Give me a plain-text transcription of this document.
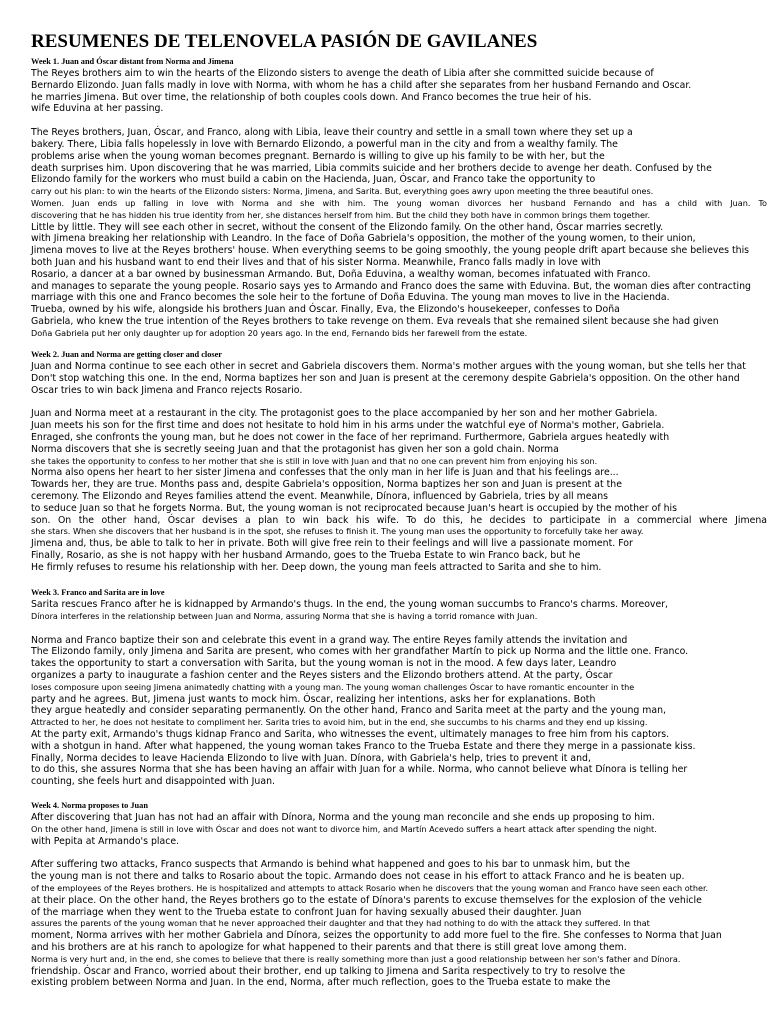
RESUMENES DE TELENOVELA PASIÓN DE GAVILANES
Week 1. Juan and Óscar distant from Norma and Jimena
The Reyes brothers aim to win the hearts of the Elizondo sisters to avenge the death of Libia after she committed suicide because of
Bernardo Elizondo. Juan falls madly in love with Norma, with whom he has a child after she separates from her husband Fernando and Oscar.
he marries Jimena. But over time, the relationship of both couples cools down. And Franco becomes the true heir of his.
wife Eduvina at her passing.
The Reyes brothers, Juan, Óscar, and Franco, along with Libia, leave their country and settle in a small town where they set up a
bakery. There, Libia falls hopelessly in love with Bernardo Elizondo, a powerful man in the city and from a wealthy family. The
problems arise when the young woman becomes pregnant. Bernardo is willing to give up his family to be with her, but the
death surprises him. Upon discovering that he was married, Libia commits suicide and her brothers decide to avenge her death. Confused by the
Elizondo family for the workers who must build a cabin on the Hacienda, Juan, Óscar, and Franco take the opportunity to
carry out his plan: to win the hearts of the Elizondo sisters: Norma, Jimena, and Sarita. But, everything goes awry upon meeting the three beautiful ones.
Women. Juan ends up falling in love with Norma and she with him. The young woman divorces her husband Fernando and has a child with Juan. To
discovering that he has hidden his true identity from her, she distances herself from him. But the child they both have in common brings them together.
Little by little. They will see each other in secret, without the consent of the Elizondo family. On the other hand, Óscar marries secretly.
with Jimena breaking her relationship with Leandro. In the face of Doña Gabriela's opposition, the mother of the young women, to their union,
Jimena moves to live at the Reyes brothers' house. When everything seems to be going smoothly, the young people drift apart because she believes this
both Juan and his husband want to end their lives and that of his sister Norma. Meanwhile, Franco falls madly in love with
Rosario, a dancer at a bar owned by businessman Armando. But, Doña Eduvina, a wealthy woman, becomes infatuated with Franco.
and manages to separate the young people. Rosario says yes to Armando and Franco does the same with Eduvina. But, the woman dies after contracting
marriage with this one and Franco becomes the sole heir to the fortune of Doña Eduvina. The young man moves to live in the Hacienda.
Trueba, owned by his wife, alongside his brothers Juan and Óscar. Finally, Eva, the Elizondo's housekeeper, confesses to Doña
Gabriela, who knew the true intention of the Reyes brothers to take revenge on them. Eva reveals that she remained silent because she had given
Doña Gabriela put her only daughter up for adoption 20 years ago. In the end, Fernando bids her farewell from the estate.
Week 2. Juan and Norma are getting closer and closer
Juan and Norma continue to see each other in secret and Gabriela discovers them. Norma's mother argues with the young woman, but she tells her that
Don't stop watching this one. In the end, Norma baptizes her son and Juan is present at the ceremony despite Gabriela's opposition. On the other hand
Oscar tries to win back Jimena and Franco rejects Rosario.
Juan and Norma meet at a restaurant in the city. The protagonist goes to the place accompanied by her son and her mother Gabriela.
Juan meets his son for the first time and does not hesitate to hold him in his arms under the watchful eye of Norma's mother, Gabriela.
Enraged, she confronts the young man, but he does not cower in the face of her reprimand. Furthermore, Gabriela argues heatedly with
Norma discovers that she is secretly seeing Juan and that the protagonist has given her son a gold chain. Norma
she takes the opportunity to confess to her mother that she is still in love with Juan and that no one can prevent him from enjoying his son.
Norma also opens her heart to her sister Jimena and confesses that the only man in her life is Juan and that his feelings are...
Towards her, they are true. Months pass and, despite Gabriela's opposition, Norma baptizes her son and Juan is present at the
ceremony. The Elizondo and Reyes families attend the event. Meanwhile, Dínora, influenced by Gabriela, tries by all means
to seduce Juan so that he forgets Norma. But, the young woman is not reciprocated because Juan's heart is occupied by the mother of his
son. On the other hand, Óscar devises a plan to win back his wife. To do this, he decides to participate in a commercial where Jimena
she stars. When she discovers that her husband is in the spot, she refuses to finish it. The young man uses the opportunity to forcefully take her away.
Jimena and, thus, be able to talk to her in private. Both will give free rein to their feelings and will live a passionate moment. For
Finally, Rosario, as she is not happy with her husband Armando, goes to the Trueba Estate to win Franco back, but he
He firmly refuses to resume his relationship with her. Deep down, the young man feels attracted to Sarita and she to him.
Week 3. Franco and Sarita are in love
Sarita rescues Franco after he is kidnapped by Armando's thugs. In the end, the young woman succumbs to Franco's charms. Moreover,
Dínora interferes in the relationship between Juan and Norma, assuring Norma that she is having a torrid romance with Juan.
Norma and Franco baptize their son and celebrate this event in a grand way. The entire Reyes family attends the invitation and
The Elizondo family, only Jimena and Sarita are present, who comes with her grandfather Martín to pick up Norma and the little one. Franco.
takes the opportunity to start a conversation with Sarita, but the young woman is not in the mood. A few days later, Leandro
organizes a party to inaugurate a fashion center and the Reyes sisters and the Elizondo brothers attend. At the party, Óscar
loses composure upon seeing Jimena animatedly chatting with a young man. The young woman challenges Óscar to have romantic encounter in the
party and he agrees. But, Jimena just wants to mock him. Óscar, realizing her intentions, asks her for explanations. Both
they argue heatedly and consider separating permanently. On the other hand, Franco and Sarita meet at the party and the young man,
Attracted to her, he does not hesitate to compliment her. Sarita tries to avoid him, but in the end, she succumbs to his charms and they end up kissing.
At the party exit, Armando's thugs kidnap Franco and Sarita, who witnesses the event, ultimately manages to free him from his captors.
with a shotgun in hand. After what happened, the young woman takes Franco to the Trueba Estate and there they merge in a passionate kiss.
Finally, Norma decides to leave Hacienda Elizondo to live with Juan. Dínora, with Gabriela's help, tries to prevent it and,
to do this, she assures Norma that she has been having an affair with Juan for a while. Norma, who cannot believe what Dínora is telling her
counting, she feels hurt and disappointed with Juan.
Week 4. Norma proposes to Juan
After discovering that Juan has not had an affair with Dínora, Norma and the young man reconcile and she ends up proposing to him.
On the other hand, Jimena is still in love with Óscar and does not want to divorce him, and Martín Acevedo suffers a heart attack after spending the night.
with Pepita at Armando's place.
After suffering two attacks, Franco suspects that Armando is behind what happened and goes to his bar to unmask him, but the
the young man is not there and talks to Rosario about the topic. Armando does not cease in his effort to attack Franco and he is beaten up.
of the employees of the Reyes brothers. He is hospitalized and attempts to attack Rosario when he discovers that the young woman and Franco have seen each other.
at their place. On the other hand, the Reyes brothers go to the estate of Dínora's parents to excuse themselves for the explosion of the vehicle
of the marriage when they went to the Trueba estate to confront Juan for having sexually abused their daughter. Juan
assures the parents of the young woman that he never approached their daughter and that they had nothing to do with the attack they suffered. In that
moment, Norma arrives with her mother Gabriela and Dínora, seizes the opportunity to add more fuel to the fire. She confesses to Norma that Juan
and his brothers are at his ranch to apologize for what happened to their parents and that there is still great love among them.
Norma is very hurt and, in the end, she comes to believe that there is really something more than just a good relationship between her son's father and Dínora.
friendship. Óscar and Franco, worried about their brother, end up talking to Jimena and Sarita respectively to try to resolve the
existing problem between Norma and Juan. In the end, Norma, after much reflection, goes to the Trueba estate to make the
